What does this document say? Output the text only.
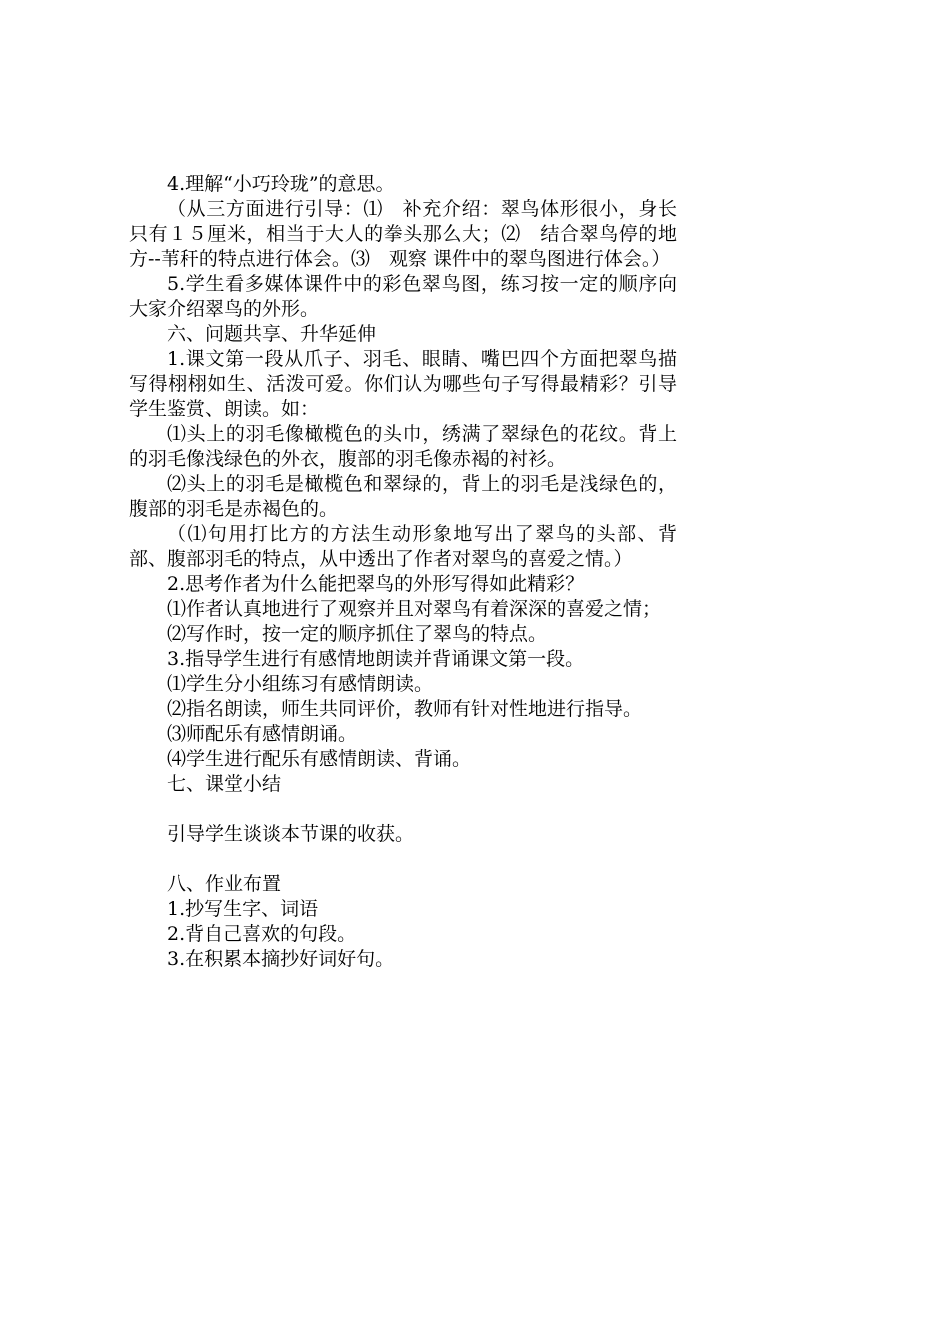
4.理解“小巧玲珑”的意思。

（从三方面进行引导：⑴　补充介绍：翠鸟体形很小，身长只有１５厘米，相当于大人的拳头那么大；⑵　结合翠鸟停的地方--苇秆的特点进行体会。⑶　观察 课件中的翠鸟图进行体会。）

5.学生看多媒体课件中的彩色翠鸟图，练习按一定的顺序向大家介绍翠鸟的外形。

六、问题共享、升华延伸

1.课文第一段从爪子、羽毛、眼睛、嘴巴四个方面把翠鸟描写得栩栩如生、活泼可爱。你们认为哪些句子写得最精彩？引导学生鉴赏、朗读。如：

⑴头上的羽毛像橄榄色的头巾，绣满了翠绿色的花纹。背上的羽毛像浅绿色的外衣，腹部的羽毛像赤褐的衬衫。

⑵头上的羽毛是橄榄色和翠绿的，背上的羽毛是浅绿色的，腹部的羽毛是赤褐色的。

（⑴句用打比方的方法生动形象地写出了翠鸟的头部、背部、腹部羽毛的特点，从中透出了作者对翠鸟的喜爱之情。）

2.思考作者为什么能把翠鸟的外形写得如此精彩？

⑴作者认真地进行了观察并且对翠鸟有着深深的喜爱之情；

⑵写作时，按一定的顺序抓住了翠鸟的特点。

3.指导学生进行有感情地朗读并背诵课文第一段。

⑴学生分小组练习有感情朗读。

⑵指名朗读，师生共同评价，教师有针对性地进行指导。

⑶师配乐有感情朗诵。

⑷学生进行配乐有感情朗读、背诵。

七、课堂小结

引导学生谈谈本节课的收获。

八、作业布置

1.抄写生字、词语

2.背自己喜欢的句段。

3.在积累本摘抄好词好句。
